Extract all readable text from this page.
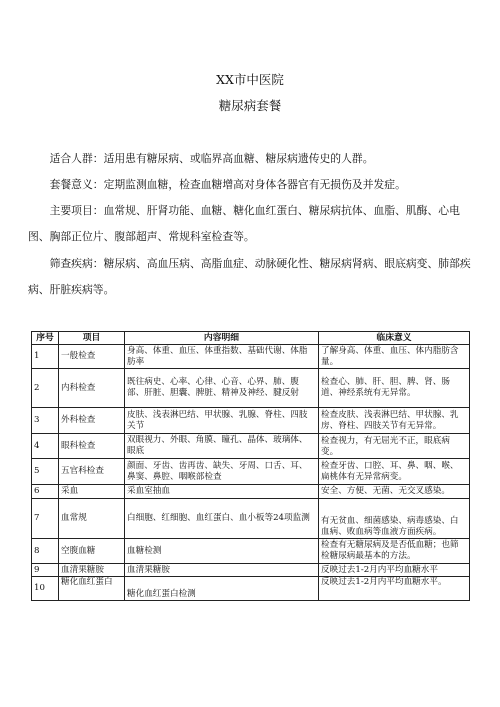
XX市中医院
糖尿病套餐
适合人群：适用患有糖尿病、或临界高血糖、糖尿病遗传史的人群。
套餐意义：定期监测血糖，检查血糖增高对身体各器官有无损伤及并发症。
主要项目：血常规、肝肾功能、血糖、糖化血红蛋白、糖尿病抗体、血脂、肌酶、心电图、胸部正位片、腹部超声、常规科室检查等。
筛查疾病：糖尿病、高血压病、高脂血症、动脉硬化性、糖尿病肾病、眼底病变、肺部疾病、肝脏疾病等。
序号	项目	内容明细	临床意义
1	一般检查	身高、体重、血压、体重指数、基础代谢、体脂肪率	了解身高、体重、血压、体内脂肪含量。
2	内科检查	既往病史、心率、心律、心音、心界、肺、腹部、肝脏、胆囊、脾脏、精神及神经、腱反射	检查心、肺、肝、胆、脾、肾、肠道、神经系统有无异常。
3	外科检查	皮肤、浅表淋巴结、甲状腺、乳腺、脊柱、四肢关节	检查皮肤、浅表淋巴结、甲状腺、乳房、脊柱、四肢关节有无异常。
4	眼科检查	双眼视力、外眼、角膜、瞳孔、晶体、玻璃体、眼底	检查视力，有无屈光不正，眼底病变。
5	五官科检查	颜面、牙齿、齿再齿、缺失、牙周、口舌、耳、鼻窦、鼻腔、咽喉部检查	检查牙齿、口腔、耳、鼻、咽、喉、扁桃体有无异常病变。
6	采血	采血室抽血	安全、方便、无菌、无交叉感染。
7	血常规	白细胞、红细胞、血红蛋白、血小板等24项监测	有无贫血、细菌感染、病毒感染、白血病、败血病等血液方面疾病。
8	空腹血糖	血糖检测	检查有无糖尿病及是否低血糖；也筛检糖尿病最基本的方法。
9	血清果糖胺	血清果糖胺	反映过去1-2月内平均血糖水平
10	糖化血红蛋白	糖化血红蛋白检测	反映过去1-2月内平均血糖水平。
